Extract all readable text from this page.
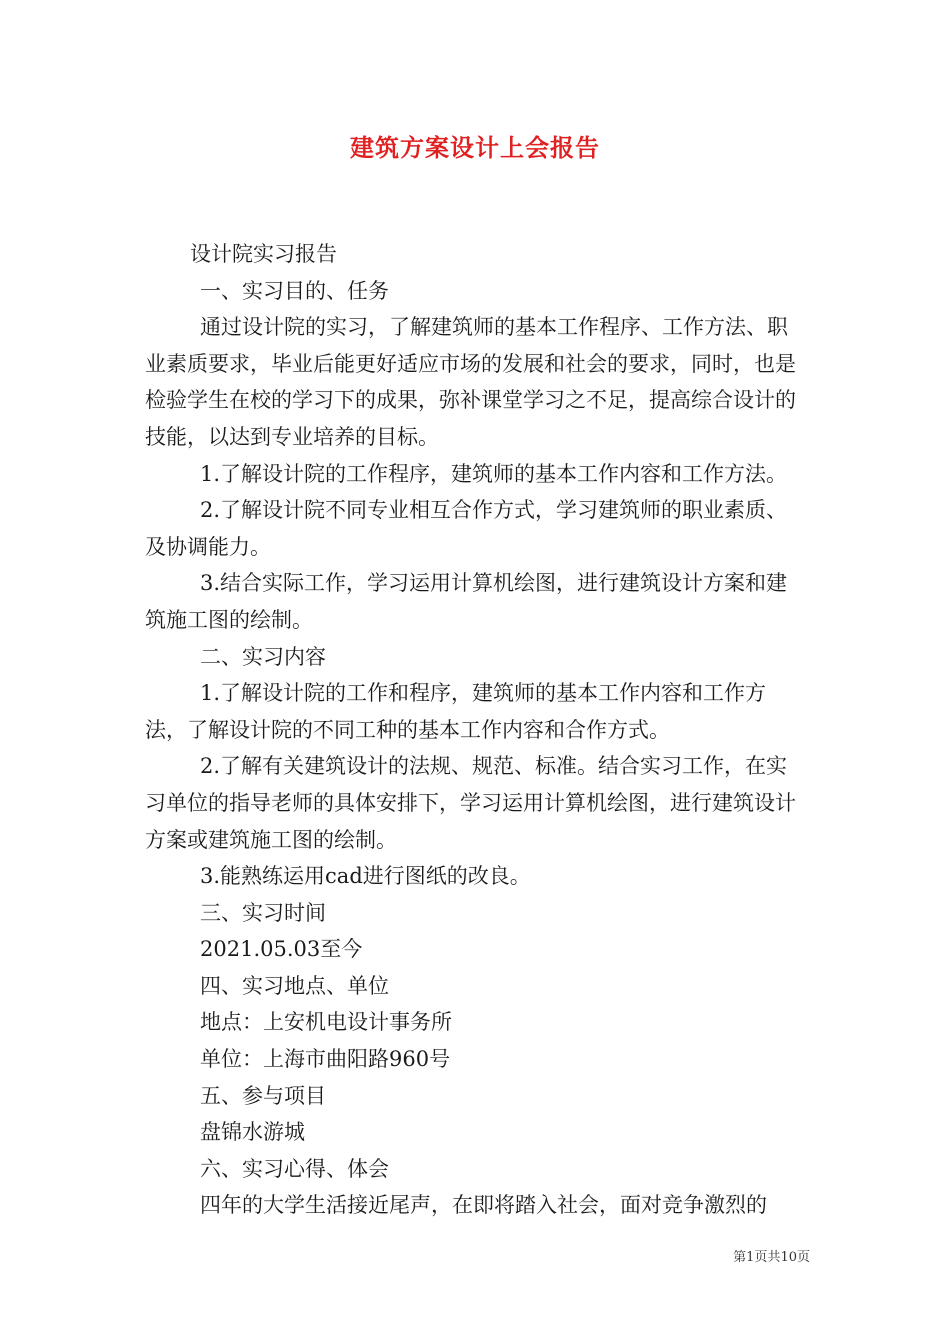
建筑方案设计上会报告

设计院实习报告

一、实习目的、任务

通过设计院的实习，了解建筑师的基本工作程序、工作方法、职业素质要求，毕业后能更好适应市场的发展和社会的要求，同时，也是检验学生在校的学习下的成果，弥补课堂学习之不足，提高综合设计的技能，以达到专业培养的目标。

1.了解设计院的工作程序，建筑师的基本工作内容和工作方法。

2.了解设计院不同专业相互合作方式，学习建筑师的职业素质、及协调能力。

3.结合实际工作，学习运用计算机绘图，进行建筑设计方案和建筑施工图的绘制。

二、实习内容

1.了解设计院的工作和程序，建筑师的基本工作内容和工作方法，了解设计院的不同工种的基本工作内容和合作方式。

2.了解有关建筑设计的法规、规范、标准。结合实习工作，在实习单位的指导老师的具体安排下，学习运用计算机绘图，进行建筑设计方案或建筑施工图的绘制。

3.能熟练运用cad进行图纸的改良。

三、实习时间

2021.05.03至今

四、实习地点、单位

地点：上安机电设计事务所

单位：上海市曲阳路960号

五、参与项目

盘锦水游城

六、实习心得、体会

四年的大学生活接近尾声，在即将踏入社会，面对竞争激烈的

第1页共10页
